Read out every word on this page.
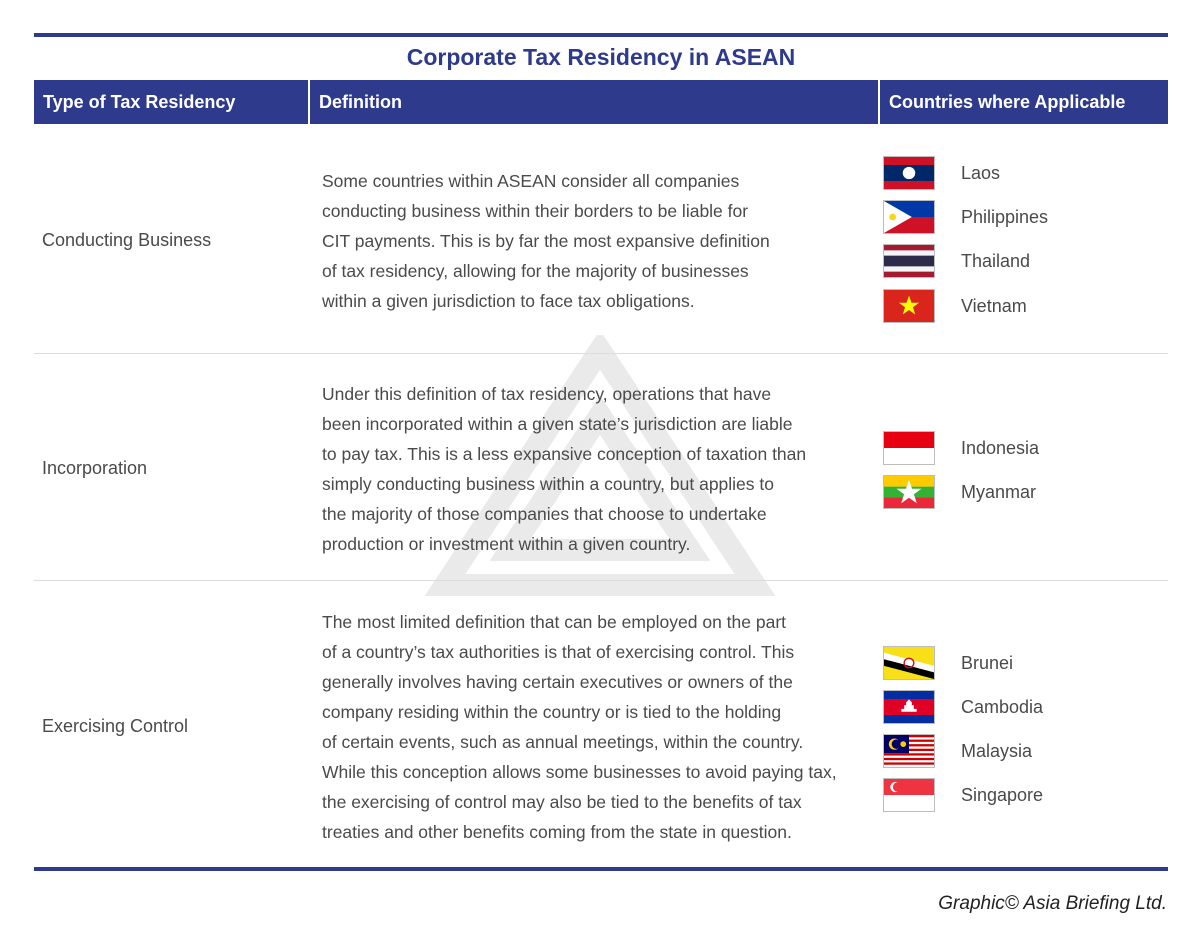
Corporate Tax Residency in ASEAN
Type of Tax Residency	Definition	Countries where Applicable
Conducting Business

Some countries within ASEAN consider all companies

conducting business within their borders to be liable for

CIT payments. This is by far the most expansive definition

of tax residency, allowing for the majority of businesses

within a given jurisdiction to face tax obligations.

Laos
Philippines
Thailand
Vietnam
Incorporation

Under this definition of tax residency, operations that have

been incorporated within a given state’s jurisdiction are liable

to pay tax. This is a less expansive conception of taxation than

simply conducting business within a country, but applies to

the majority of those companies that choose to undertake

production or investment within a given country.

Indonesia
Myanmar
Exercising Control

The most limited definition that can be employed on the part

of a country’s tax authorities is that of exercising control. This

generally involves having certain executives or owners of the

company residing within the country or is tied to the holding

of certain events, such as annual meetings, within the country.

While this conception allows some businesses to avoid paying tax,

the exercising of control may also be tied to the benefits of tax

treaties and other benefits coming from the state in question.

Brunei
Cambodia
Malaysia
Singapore
Graphic© Asia Briefing Ltd.
